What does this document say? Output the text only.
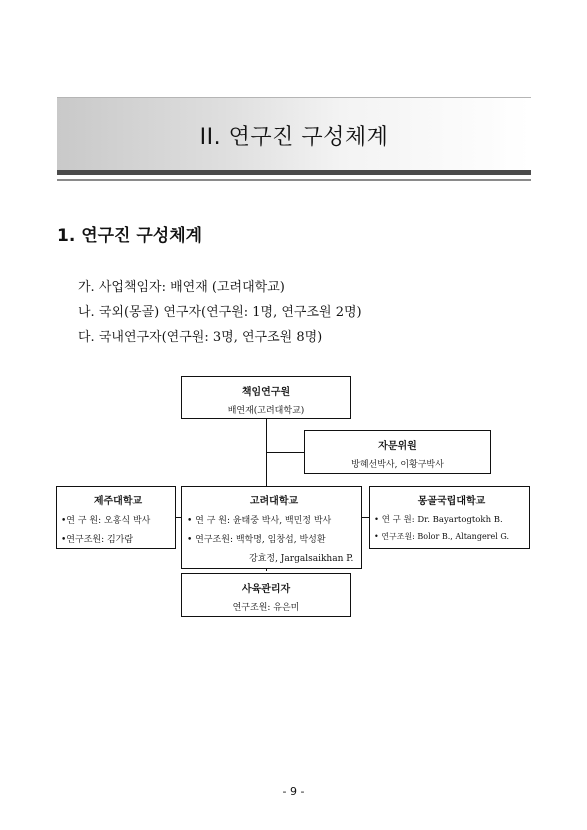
II. 연구진 구성체계
1. 연구진 구성체계
가. 사업책임자: 배연재 (고려대학교)
나. 국외(몽골) 연구자(연구원: 1명, 연구조원 2명)
다. 국내연구자(연구원: 3명, 연구조원 8명)
책임연구원
배연재(고려대학교)
자문위원
방혜선박사, 이황구박사
제주대학교
•연 구 원: 오홍식 박사
•연구조원: 김가람
고려대학교
• 연 구 원: 윤태중 박사, 백민정 박사
• 연구조원: 백학명, 임창섭, 박성환
강효정, Jargalsaikhan P.
몽골국립대학교
• 연 구 원: Dr. Bayartogtokh B.
• 연구조원: Bolor B., Altangerel G.
사육관리자
연구조원: 유은미
- 9 -
